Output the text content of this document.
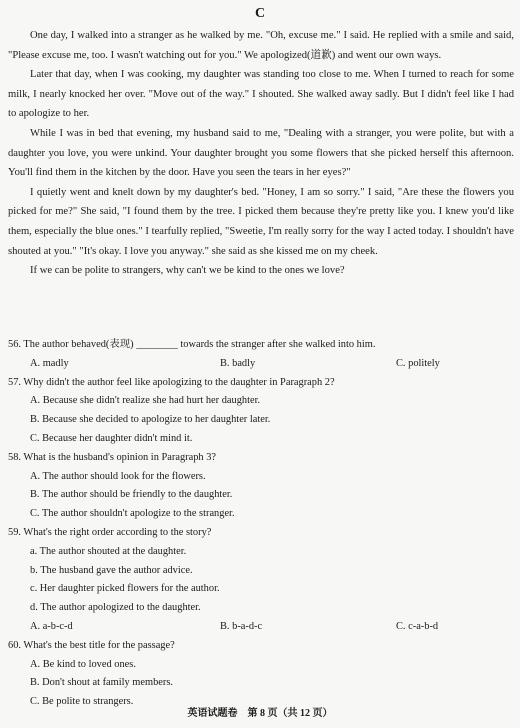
C

One day, I walked into a stranger as he walked by me. "Oh, excuse me." I said. He replied with a smile and said, "Please excuse me, too. I wasn't watching out for you." We apologized(道歉) and went our own ways.

Later that day, when I was cooking, my daughter was standing too close to me. When I turned to reach for some milk, I nearly knocked her over. "Move out of the way." I shouted. She walked away sadly. But I didn't feel like I had to apologize to her.

While I was in bed that evening, my husband said to me, "Dealing with a stranger, you were polite, but with a daughter you love, you were unkind. Your daughter brought you some flowers that she picked herself this afternoon. You'll find them in the kitchen by the door. Have you seen the tears in her eyes?"

I quietly went and knelt down by my daughter's bed. "Honey, I am so sorry." I said, "Are these the flowers you picked for me?" She said, "I found them by the tree. I picked them because they're pretty like you. I knew you'd like them, especially the blue ones." I tearfully replied, "Sweetie, I'm really sorry for the way I acted today. I shouldn't have shouted at you." "It's okay. I love you anyway." she said as she kissed me on my cheek.

If we can be polite to strangers, why can't we be kind to the ones we love?

56. The author behaved(表现) ________ towards the stranger after she walked into him.
A. madly	B. badly	C. politely
57. Why didn't the author feel like apologizing to the daughter in Paragraph 2?
A. Because she didn't realize she had hurt her daughter.
B. Because she decided to apologize to her daughter later.
C. Because her daughter didn't mind it.
58. What is the husband's opinion in Paragraph 3?
A. The author should look for the flowers.
B. The author should be friendly to the daughter.
C. The author shouldn't apologize to the stranger.
59. What's the right order according to the story?
a. The author shouted at the daughter.
b. The husband gave the author advice.
c. Her daughter picked flowers for the author.
d. The author apologized to the daughter.
A. a-b-c-d	B. b-a-d-c	C. c-a-b-d
60. What's the best title for the passage?
A. Be kind to loved ones.
B. Don't shout at family members.
C. Be polite to strangers.
英语试题卷　第 8 页（共 12 页）
